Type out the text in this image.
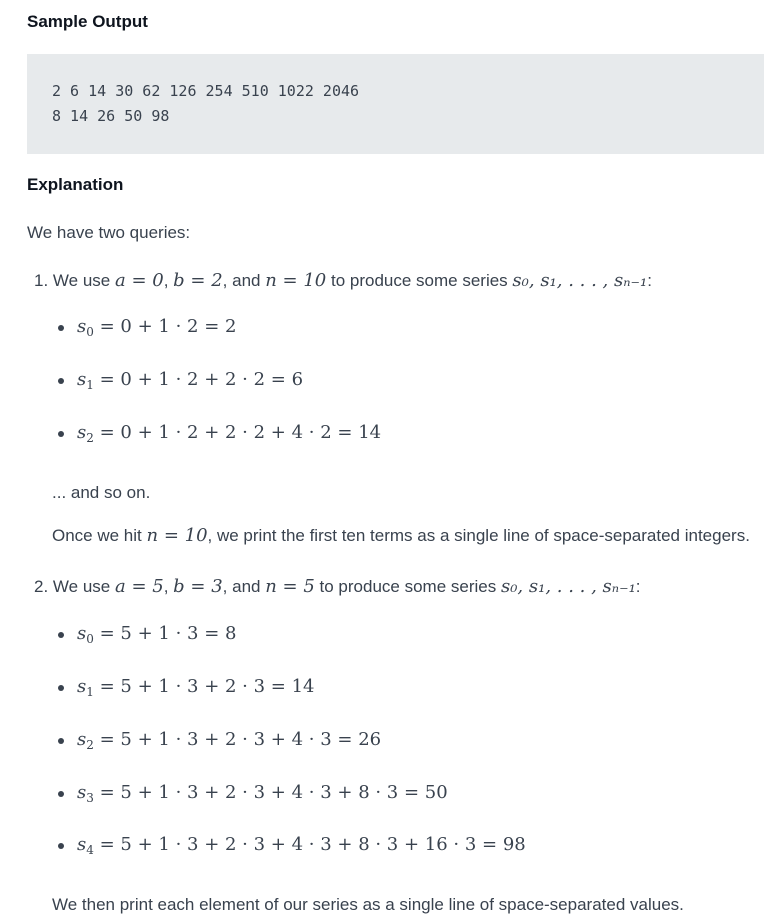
Sample Output
2 6 14 30 62 126 254 510 1022 2046
8 14 26 50 98
Explanation
We have two queries:
1. We use a = 0, b = 2, and n = 10 to produce some series s₀, s₁, . . . , sₙ₋₁:
$s_0 = 0 + 1 \cdot 2 = 2$
$s_1 = 0 + 1 \cdot 2 + 2 \cdot 2 = 6$
$s_2 = 0 + 1 \cdot 2 + 2 \cdot 2 + 4 \cdot 2 = 14$
... and so on.
Once we hit n = 10, we print the first ten terms as a single line of space-separated integers.
2. We use a = 5, b = 3, and n = 5 to produce some series s₀, s₁, . . . , sₙ₋₁:
$s_0 = 5 + 1 \cdot 3 = 8$
$s_1 = 5 + 1 \cdot 3 + 2 \cdot 3 = 14$
$s_2 = 5 + 1 \cdot 3 + 2 \cdot 3 + 4 \cdot 3 = 26$
$s_3 = 5 + 1 \cdot 3 + 2 \cdot 3 + 4 \cdot 3 + 8 \cdot 3 = 50$
$s_4 = 5 + 1 \cdot 3 + 2 \cdot 3 + 4 \cdot 3 + 8 \cdot 3 + 16 \cdot 3 = 98$
We then print each element of our series as a single line of space-separated values.
